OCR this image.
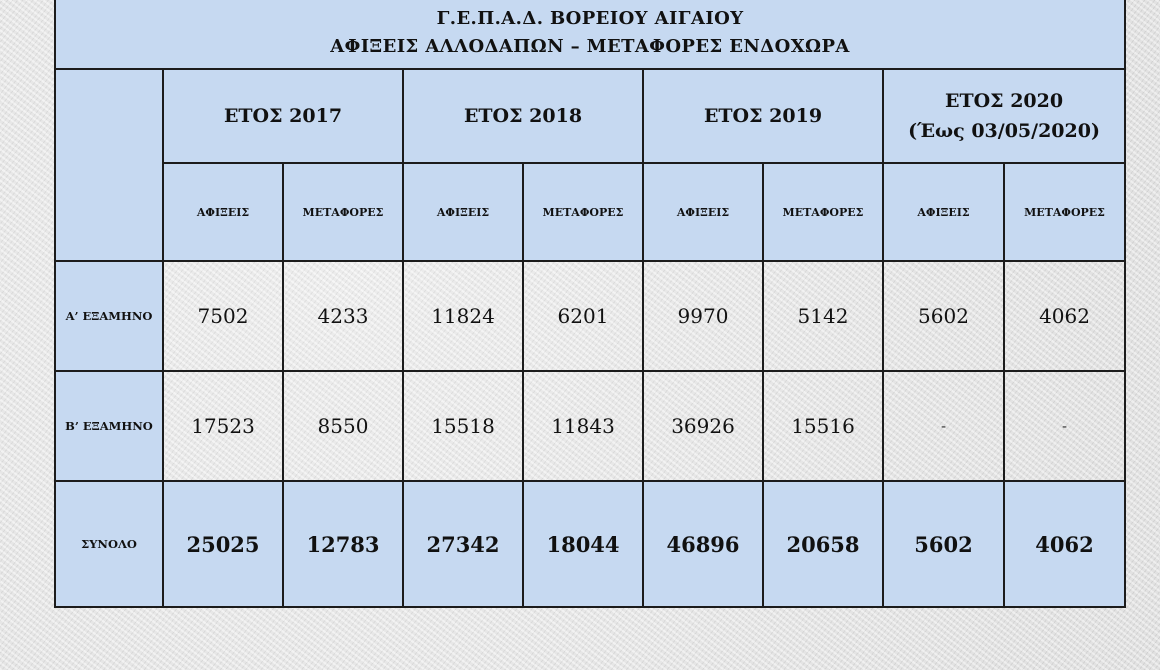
Γ.Ε.Π.Α.Δ. ΒΟΡΕΙΟΥ ΑΙΓΑΙΟΥ
ΑΦΙΞΕΙΣ ΑΛΛΟΔΑΠΩΝ – ΜΕΤΑΦΟΡΕΣ ΕΝΔΟΧΩΡΑ								

	ΕΤΟΣ 2017		ΕΤΟΣ 2018		ΕΤΟΣ 2019		ΕΤΟΣ 2020
(Έως 03/05/2020)	

	ΑΦΙΞΕΙΣ	ΜΕΤΑΦΟΡΕΣ	ΑΦΙΞΕΙΣ	ΜΕΤΑΦΟΡΕΣ	ΑΦΙΞΕΙΣ	ΜΕΤΑΦΟΡΕΣ	ΑΦΙΞΕΙΣ	ΜΕΤΑΦΟΡΕΣ
Α’ ΕΞΑΜΗΝΟ	7502	4233	11824	6201	9970	5142	5602	4062
Β’ ΕΞΑΜΗΝΟ	17523	8550	15518	11843	36926	15516	-	-
ΣΥΝΟΛΟ	25025	12783	27342	18044	46896	20658	5602	4062
